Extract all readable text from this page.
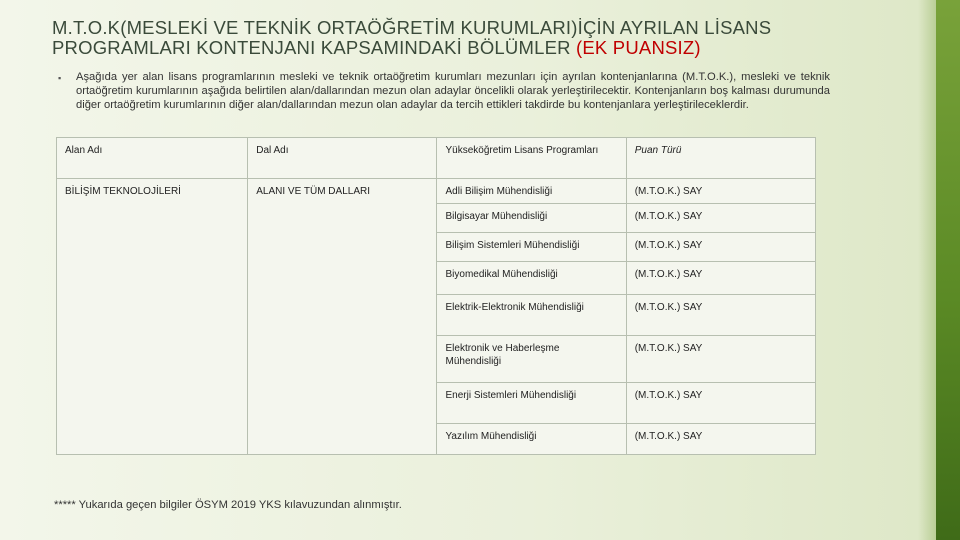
M.T.O.K(MESLEKİ VE TEKNİK ORTAÖĞRETİM KURUMLARI)İÇİN AYRILAN LİSANS PROGRAMLARI KONTENJANI KAPSAMINDAKİ BÖLÜMLER (EK PUANSIZ)
▪ Aşağıda yer alan lisans programlarının mesleki ve teknik ortaöğretim kurumları mezunları için ayrılan kontenjanlarına (M.T.O.K.), mesleki ve teknik ortaöğretim kurumlarının aşağıda belirtilen alan/dallarından mezun olan adaylar öncelikli olarak yerleştirilecektir. Kontenjanların boş kalması durumunda diğer ortaöğretim kurumlarının diğer alan/dallarından mezun olan adaylar da tercih ettikleri takdirde bu kontenjanlara yerleştirileceklerdir.
Alan Adı	Dal Adı	Yükseköğretim Lisans Programları	Puan Türü
BİLİŞİM TEKNOLOJİLERİ	ALANI VE TÜM DALLARI	Adli Bilişim Mühendisliği	(M.T.O.K.) SAY
		Bilgisayar Mühendisliği	(M.T.O.K.) SAY
		Bilişim Sistemleri Mühendisliği	(M.T.O.K.) SAY
		Biyomedikal Mühendisliği	(M.T.O.K.) SAY
		Elektrik-Elektronik Mühendisliği	(M.T.O.K.) SAY
		Elektronik ve Haberleşme Mühendisliği	(M.T.O.K.) SAY
		Enerji Sistemleri Mühendisliği	(M.T.O.K.) SAY
		Yazılım Mühendisliği	(M.T.O.K.) SAY
***** Yukarıda geçen bilgiler ÖSYM 2019 YKS kılavuzundan alınmıştır.
